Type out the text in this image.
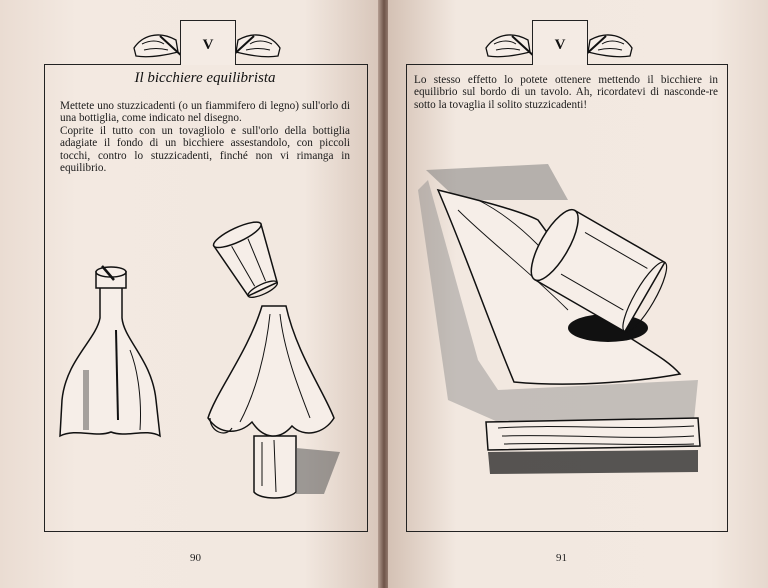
V
Il bicchiere equilibrista

Mettete uno stuzzicadenti (o un fiammifero di legno) sull'orlo di una bottiglia, come indicato nel disegno.

Coprite il tutto con un tovagliolo e sull'orlo della bottiglia adagiate il fondo di un bicchiere assestandolo, con piccoli tocchi, contro lo stuzzicadenti, finché non vi rimanga in equilibrio.

90
V

Lo stesso effetto lo potete ottenere mettendo il bicchiere in equilibrio sul bordo di un tavolo. Ah, ricordatevi di nasconde-re sotto la tovaglia il solito stuzzicadenti!

91
